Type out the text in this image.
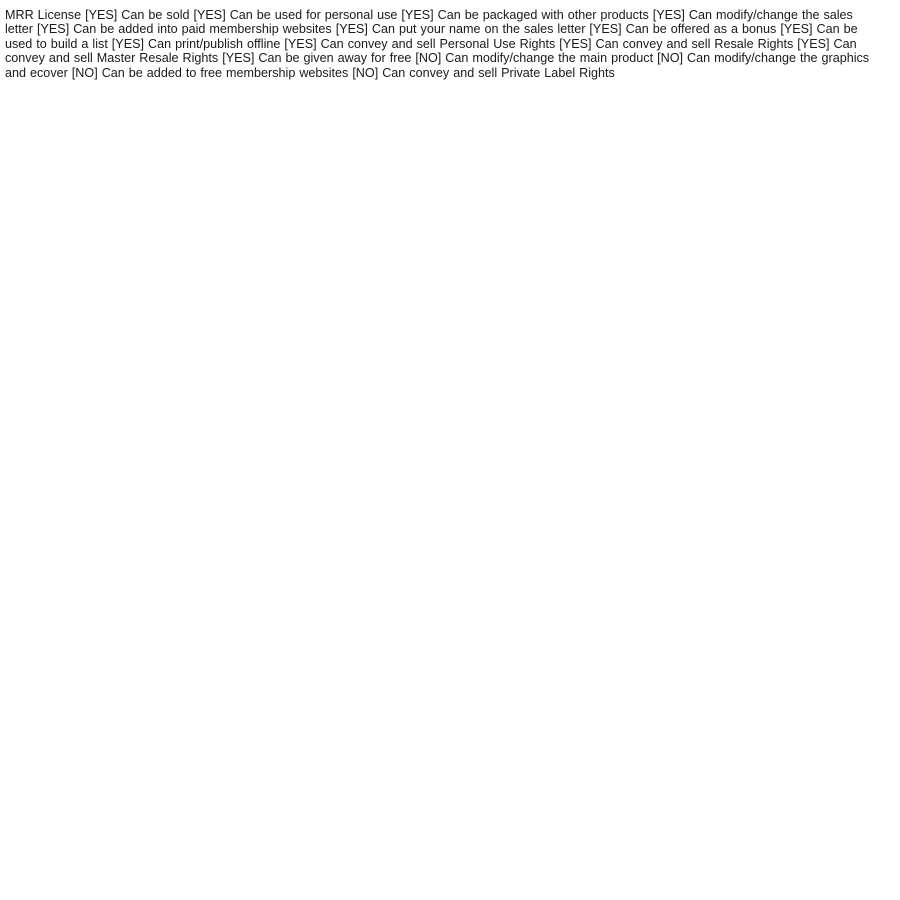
MRR License [YES] Can be sold [YES] Can be used for personal use [YES] Can be packaged with other products [YES] Can modify/change the sales letter [YES] Can be added into paid membership websites [YES] Can put your name on the sales letter [YES] Can be offered as a bonus [YES] Can be used to build a list [YES] Can print/publish offline [YES] Can convey and sell Personal Use Rights [YES] Can convey and sell Resale Rights [YES] Can convey and sell Master Resale Rights [YES] Can be given away for free [NO] Can modify/change the main product [NO] Can modify/change the graphics and ecover [NO] Can be added to free membership websites [NO] Can convey and sell Private Label Rights
